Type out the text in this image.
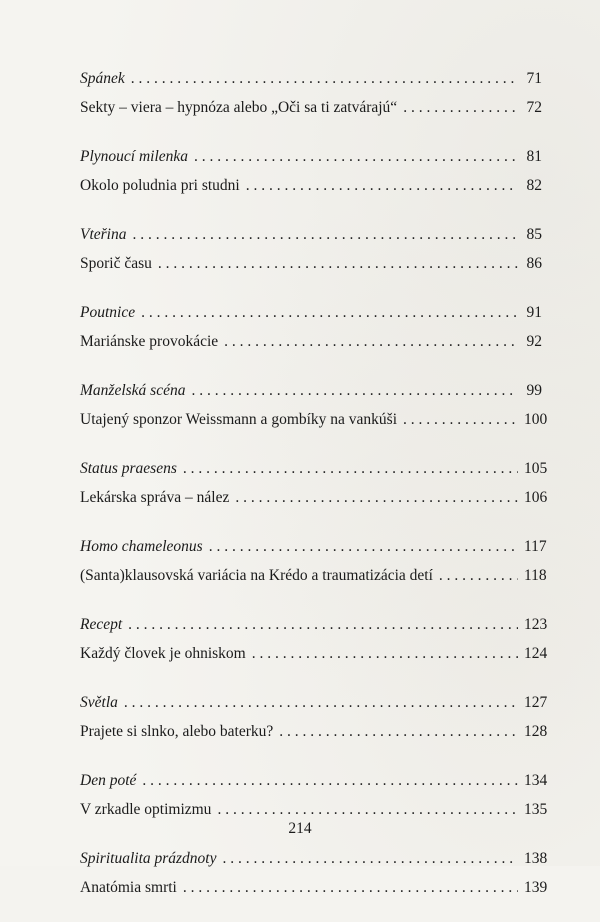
Spánek . . .	71
Sekty – viera – hypnóza alebo „Oči sa ti zatvárajú“ . . .	72
Plynoucí milenka . . .	81
Okolo poludnia pri studni . . .	82
Vteřina . . .	85
Sporič času . . .	86
Poutnice . . .	91
Mariánske provokácie . . .	92
Manželská scéna . . .	99
Utajený sponzor Weissmann a gombíky na vankúši . . .	100
Status praesens . . .	105
Lekárska správa – nález . . .	106
Homo chameleonus . . .	117
(Santa)klausovská variácia na Krédo a traumatizácia detí . . .	118
Recept . . .	123
Každý človek je ohniskom . . .	124
Světla . . .	127
Prajete si slnko, alebo baterku? . . .	128
Den poté . . .	134
V zrkadle optimizmu . . .	135
Spiritualita prázdnoty . . .	138
Anatómia smrti . . .	139
214
